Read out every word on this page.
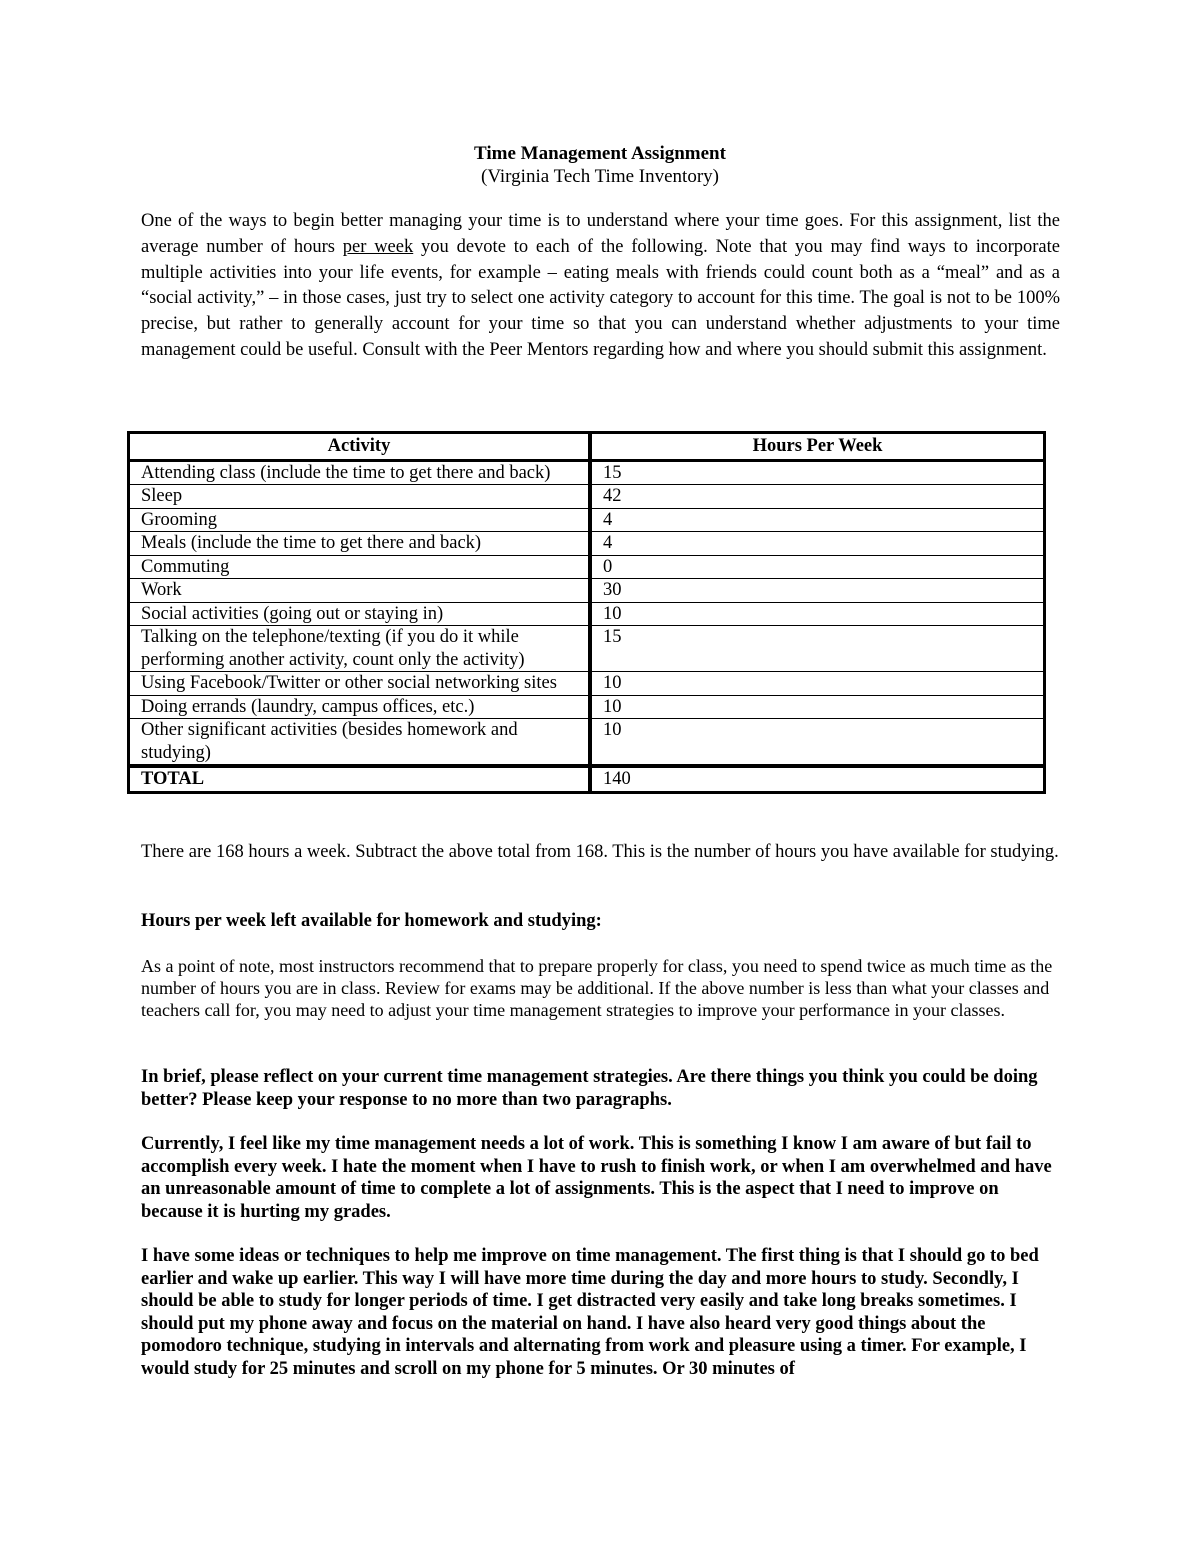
Time Management Assignment
(Virginia Tech Time Inventory)

One of the ways to begin better managing your time is to understand where your time goes. For this assignment, list the average number of hours per week you devote to each of the following. Note that you may find ways to incorporate multiple activities into your life events, for example – eating meals with friends could count both as a “meal” and as a “social activity,” – in those cases, just try to select one activity category to account for this time. The goal is not to be 100% precise, but rather to generally account for your time so that you can understand whether adjustments to your time management could be useful. Consult with the Peer Mentors regarding how and where you should submit this assignment.

Activity	Hours Per Week
Attending class (include the time to get there and back)	15
Sleep	42
Grooming	4
Meals (include the time to get there and back)	4
Commuting	0
Work	30
Social activities (going out or staying in)	10
Talking on the telephone/texting (if you do it while performing another activity, count only the activity)	15
Using Facebook/Twitter or other social networking sites	10
Doing errands (laundry, campus offices, etc.)	10
Other significant activities (besides homework and studying)	10
TOTAL	140

There are 168 hours a week. Subtract the above total from 168. This is the number of hours you have available for studying.

Hours per week left available for homework and studying:

As a point of note, most instructors recommend that to prepare properly for class, you need to spend twice as much time as the number of hours you are in class. Review for exams may be additional. If the above number is less than what your classes and teachers call for, you may need to adjust your time management strategies to improve your performance in your classes.

In brief, please reflect on your current time management strategies. Are there things you think you could be doing better? Please keep your response to no more than two paragraphs.

Currently, I feel like my time management needs a lot of work. This is something I know I am aware of but fail to accomplish every week. I hate the moment when I have to rush to finish work, or when I am overwhelmed and have an unreasonable amount of time to complete a lot of assignments. This is the aspect that I need to improve on because it is hurting my grades.

I have some ideas or techniques to help me improve on time management. The first thing is that I should go to bed earlier and wake up earlier. This way I will have more time during the day and more hours to study. Secondly, I should be able to study for longer periods of time. I get distracted very easily and take long breaks sometimes. I should put my phone away and focus on the material on hand. I have also heard very good things about the pomodoro technique, studying in intervals and alternating from work and pleasure using a timer. For example, I would study for 25 minutes and scroll on my phone for 5 minutes. Or 30 minutes of
